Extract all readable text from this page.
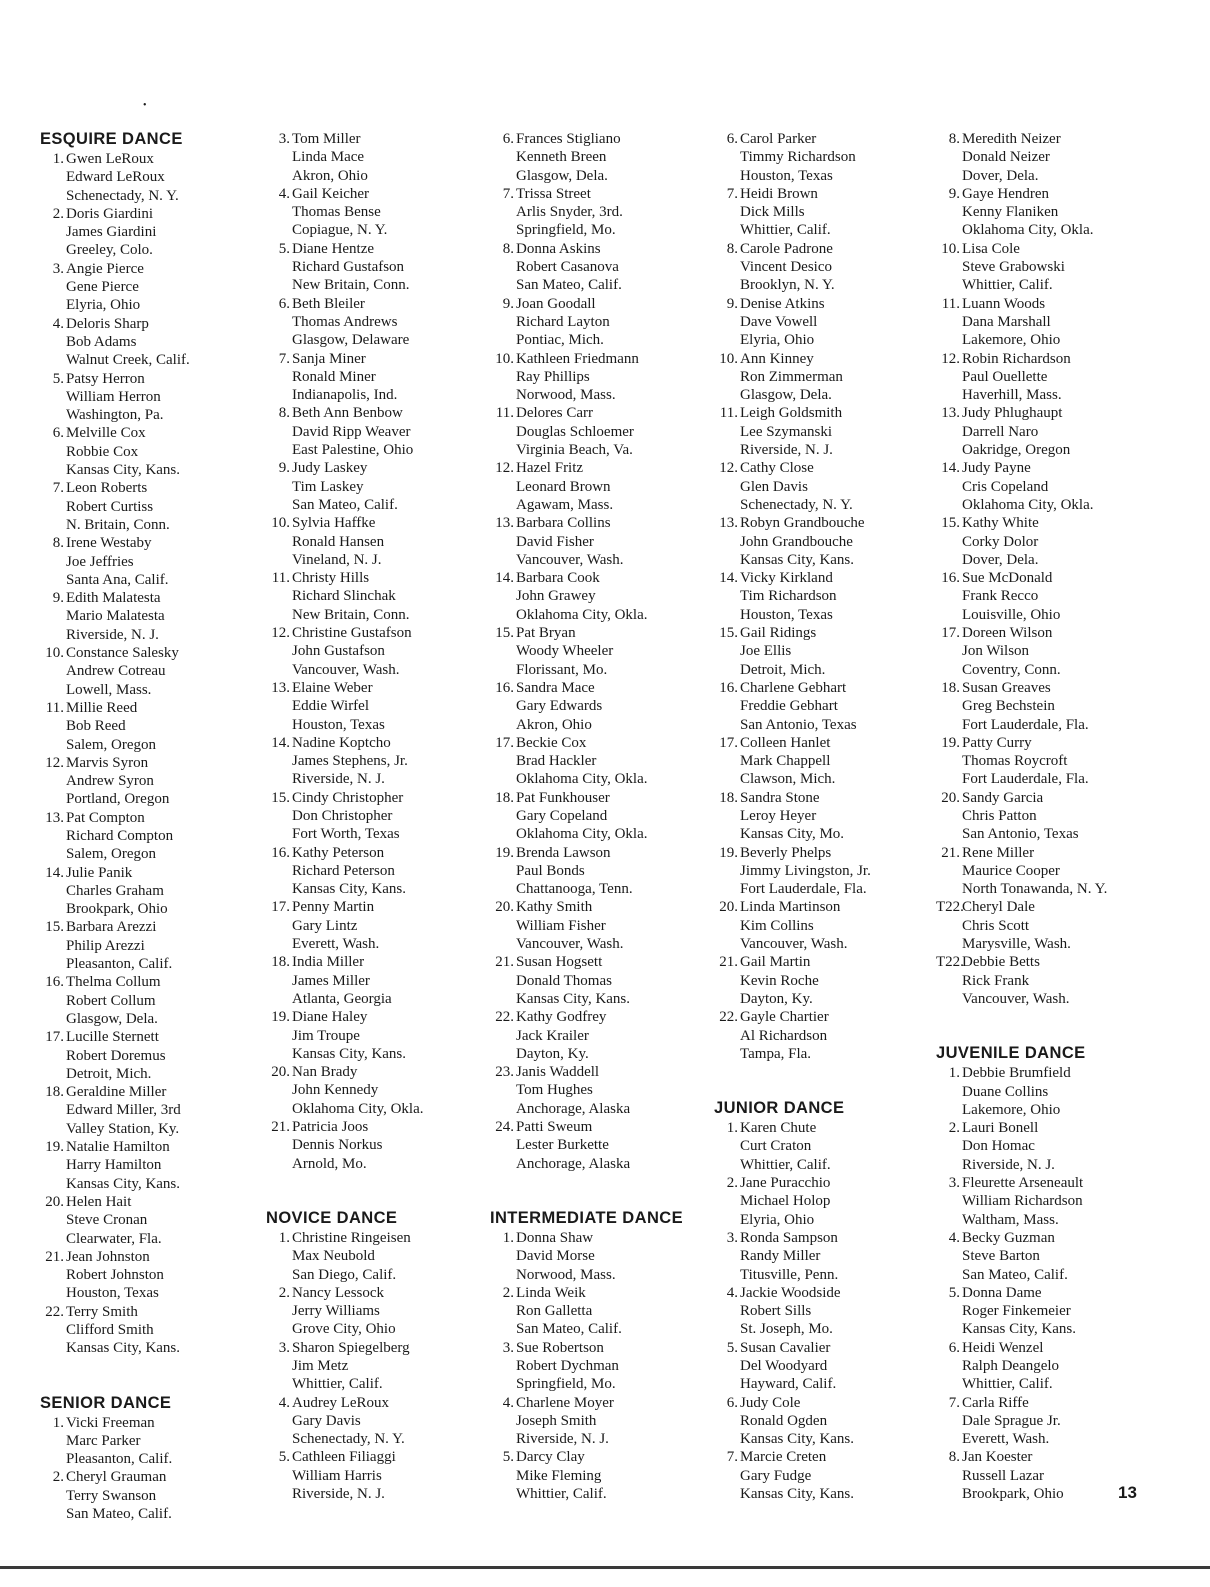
•
ESQUIRE DANCE
1. Gwen LeRoux
Edward LeRoux
Schenectady, N. Y.
2. Doris Giardini
James Giardini
Greeley, Colo.
3. Angie Pierce
Gene Pierce
Elyria, Ohio
4. Deloris Sharp
Bob Adams
Walnut Creek, Calif.
5. Patsy Herron
William Herron
Washington, Pa.
6. Melville Cox
Robbie Cox
Kansas City, Kans.
7. Leon Roberts
Robert Curtiss
N. Britain, Conn.
8. Irene Westaby
Joe Jeffries
Santa Ana, Calif.
9. Edith Malatesta
Mario Malatesta
Riverside, N. J.
10. Constance Salesky
Andrew Cotreau
Lowell, Mass.
11. Millie Reed
Bob Reed
Salem, Oregon
12. Marvis Syron
Andrew Syron
Portland, Oregon
13. Pat Compton
Richard Compton
Salem, Oregon
14. Julie Panik
Charles Graham
Brookpark, Ohio
15. Barbara Arezzi
Philip Arezzi
Pleasanton, Calif.
16. Thelma Collum
Robert Collum
Glasgow, Dela.
17. Lucille Sternett
Robert Doremus
Detroit, Mich.
18. Geraldine Miller
Edward Miller, 3rd
Valley Station, Ky.
19. Natalie Hamilton
Harry Hamilton
Kansas City, Kans.
20. Helen Hait
Steve Cronan
Clearwater, Fla.
21. Jean Johnston
Robert Johnston
Houston, Texas
22. Terry Smith
Clifford Smith
Kansas City, Kans.
SENIOR DANCE
1. Vicki Freeman
Marc Parker
Pleasanton, Calif.
2. Cheryl Grauman
Terry Swanson
San Mateo, Calif.
3. Tom Miller
Linda Mace
Akron, Ohio
4. Gail Keicher
Thomas Bense
Copiague, N. Y.
5. Diane Hentze
Richard Gustafson
New Britain, Conn.
6. Beth Bleiler
Thomas Andrews
Glasgow, Delaware
7. Sanja Miner
Ronald Miner
Indianapolis, Ind.
8. Beth Ann Benbow
David Ripp Weaver
East Palestine, Ohio
9. Judy Laskey
Tim Laskey
San Mateo, Calif.
10. Sylvia Haffke
Ronald Hansen
Vineland, N. J.
11. Christy Hills
Richard Slinchak
New Britain, Conn.
12. Christine Gustafson
John Gustafson
Vancouver, Wash.
13. Elaine Weber
Eddie Wirfel
Houston, Texas
14. Nadine Koptcho
James Stephens, Jr.
Riverside, N. J.
15. Cindy Christopher
Don Christopher
Fort Worth, Texas
16. Kathy Peterson
Richard Peterson
Kansas City, Kans.
17. Penny Martin
Gary Lintz
Everett, Wash.
18. India Miller
James Miller
Atlanta, Georgia
19. Diane Haley
Jim Troupe
Kansas City, Kans.
20. Nan Brady
John Kennedy
Oklahoma City, Okla.
21. Patricia Joos
Dennis Norkus
Arnold, Mo.
NOVICE DANCE
1. Christine Ringeisen
Max Neubold
San Diego, Calif.
2. Nancy Lessock
Jerry Williams
Grove City, Ohio
3. Sharon Spiegelberg
Jim Metz
Whittier, Calif.
4. Audrey LeRoux
Gary Davis
Schenectady, N. Y.
5. Cathleen Filiaggi
William Harris
Riverside, N. J.
6. Frances Stigliano
Kenneth Breen
Glasgow, Dela.
7. Trissa Street
Arlis Snyder, 3rd.
Springfield, Mo.
8. Donna Askins
Robert Casanova
San Mateo, Calif.
9. Joan Goodall
Richard Layton
Pontiac, Mich.
10. Kathleen Friedmann
Ray Phillips
Norwood, Mass.
11. Delores Carr
Douglas Schloemer
Virginia Beach, Va.
12. Hazel Fritz
Leonard Brown
Agawam, Mass.
13. Barbara Collins
David Fisher
Vancouver, Wash.
14. Barbara Cook
John Grawey
Oklahoma City, Okla.
15. Pat Bryan
Woody Wheeler
Florissant, Mo.
16. Sandra Mace
Gary Edwards
Akron, Ohio
17. Beckie Cox
Brad Hackler
Oklahoma City, Okla.
18. Pat Funkhouser
Gary Copeland
Oklahoma City, Okla.
19. Brenda Lawson
Paul Bonds
Chattanooga, Tenn.
20. Kathy Smith
William Fisher
Vancouver, Wash.
21. Susan Hogsett
Donald Thomas
Kansas City, Kans.
22. Kathy Godfrey
Jack Krailer
Dayton, Ky.
23. Janis Waddell
Tom Hughes
Anchorage, Alaska
24. Patti Sweum
Lester Burkette
Anchorage, Alaska
INTERMEDIATE DANCE
1. Donna Shaw
David Morse
Norwood, Mass.
2. Linda Weik
Ron Galletta
San Mateo, Calif.
3. Sue Robertson
Robert Dychman
Springfield, Mo.
4. Charlene Moyer
Joseph Smith
Riverside, N. J.
5. Darcy Clay
Mike Fleming
Whittier, Calif.
6. Carol Parker
Timmy Richardson
Houston, Texas
7. Heidi Brown
Dick Mills
Whittier, Calif.
8. Carole Padrone
Vincent Desico
Brooklyn, N. Y.
9. Denise Atkins
Dave Vowell
Elyria, Ohio
10. Ann Kinney
Ron Zimmerman
Glasgow, Dela.
11. Leigh Goldsmith
Lee Szymanski
Riverside, N. J.
12. Cathy Close
Glen Davis
Schenectady, N. Y.
13. Robyn Grandbouche
John Grandbouche
Kansas City, Kans.
14. Vicky Kirkland
Tim Richardson
Houston, Texas
15. Gail Ridings
Joe Ellis
Detroit, Mich.
16. Charlene Gebhart
Freddie Gebhart
San Antonio, Texas
17. Colleen Hanlet
Mark Chappell
Clawson, Mich.
18. Sandra Stone
Leroy Heyer
Kansas City, Mo.
19. Beverly Phelps
Jimmy Livingston, Jr.
Fort Lauderdale, Fla.
20. Linda Martinson
Kim Collins
Vancouver, Wash.
21. Gail Martin
Kevin Roche
Dayton, Ky.
22. Gayle Chartier
Al Richardson
Tampa, Fla.
JUNIOR DANCE
1. Karen Chute
Curt Craton
Whittier, Calif.
2. Jane Puracchio
Michael Holop
Elyria, Ohio
3. Ronda Sampson
Randy Miller
Titusville, Penn.
4. Jackie Woodside
Robert Sills
St. Joseph, Mo.
5. Susan Cavalier
Del Woodyard
Hayward, Calif.
6. Judy Cole
Ronald Ogden
Kansas City, Kans.
7. Marcie Creten
Gary Fudge
Kansas City, Kans.
8. Meredith Neizer
Donald Neizer
Dover, Dela.
9. Gaye Hendren
Kenny Flaniken
Oklahoma City, Okla.
10. Lisa Cole
Steve Grabowski
Whittier, Calif.
11. Luann Woods
Dana Marshall
Lakemore, Ohio
12. Robin Richardson
Paul Ouellette
Haverhill, Mass.
13. Judy Phlughaupt
Darrell Naro
Oakridge, Oregon
14. Judy Payne
Cris Copeland
Oklahoma City, Okla.
15. Kathy White
Corky Dolor
Dover, Dela.
16. Sue McDonald
Frank Recco
Louisville, Ohio
17. Doreen Wilson
Jon Wilson
Coventry, Conn.
18. Susan Greaves
Greg Bechstein
Fort Lauderdale, Fla.
19. Patty Curry
Thomas Roycroft
Fort Lauderdale, Fla.
20. Sandy Garcia
Chris Patton
San Antonio, Texas
21. Rene Miller
Maurice Cooper
North Tonawanda, N. Y.
T22.
Cheryl Dale
Chris Scott
Marysville, Wash.
T22.
Debbie Betts
Rick Frank
Vancouver, Wash.
JUVENILE DANCE
1. Debbie Brumfield
Duane Collins
Lakemore, Ohio
2. Lauri Bonell
Don Homac
Riverside, N. J.
3. Fleurette Arseneault
William Richardson
Waltham, Mass.
4. Becky Guzman
Steve Barton
San Mateo, Calif.
5. Donna Dame
Roger Finkemeier
Kansas City, Kans.
6. Heidi Wenzel
Ralph Deangelo
Whittier, Calif.
7. Carla Riffe
Dale Sprague Jr.
Everett, Wash.
8. Jan Koester
Russell Lazar
Brookpark, Ohio	13
